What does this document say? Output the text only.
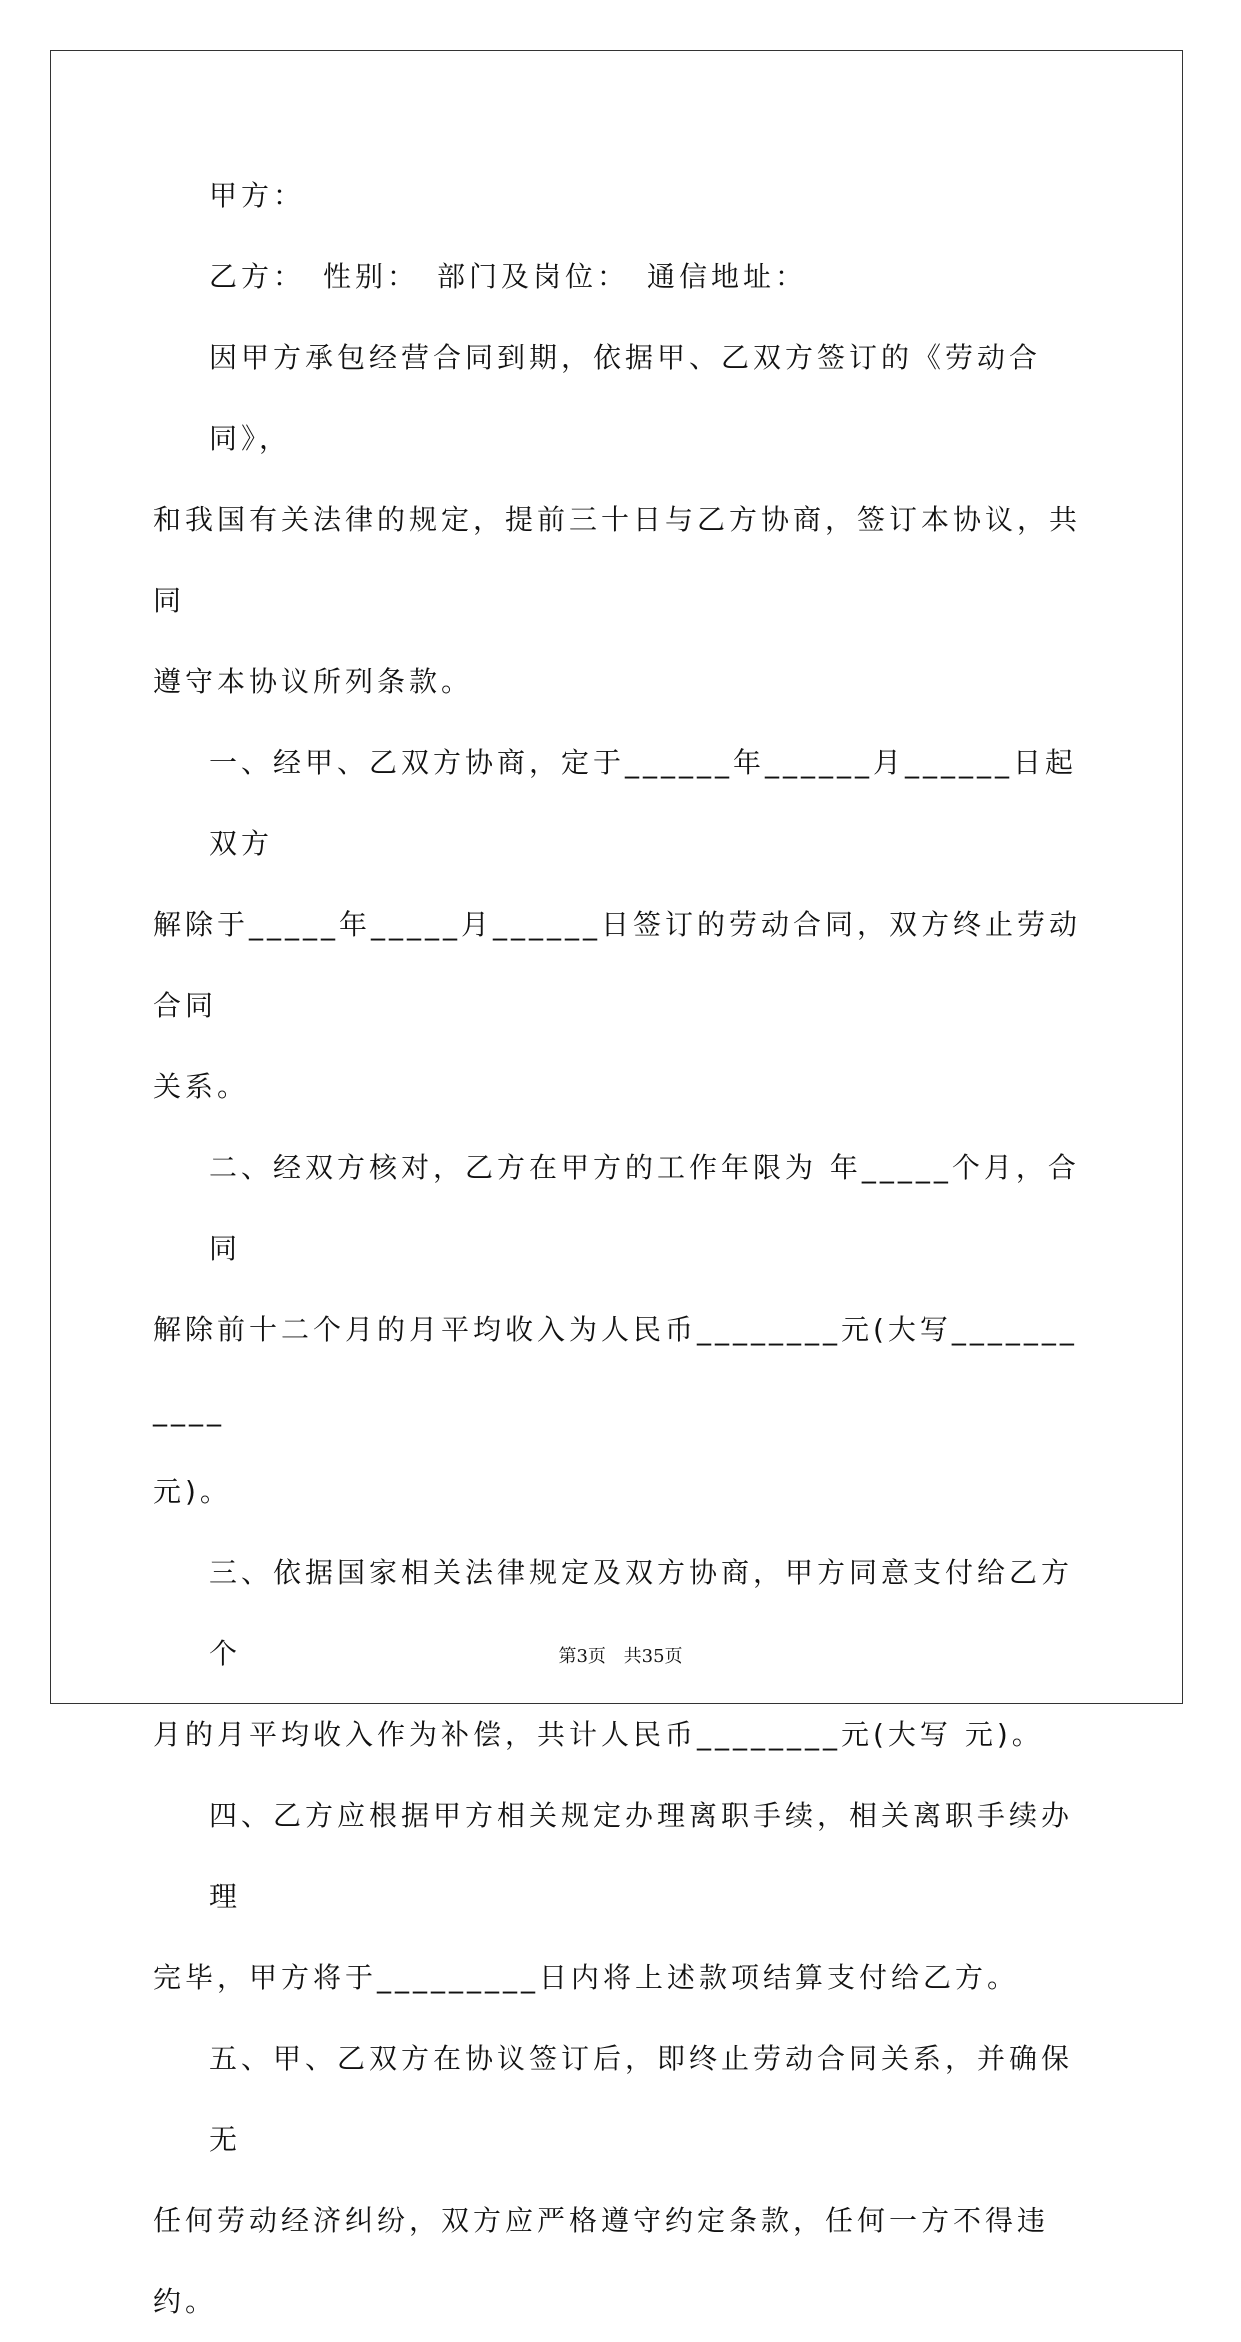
甲方：

乙方：　性别：　部门及岗位：　通信地址：

因甲方承包经营合同到期，依据甲、乙双方签订的《劳动合同》，
和我国有关法律的规定，提前三十日与乙方协商，签订本协议，共同
遵守本协议所列条款。

一、经甲、乙双方协商，定于______年______月______日起双方
解除于_____年_____月______日签订的劳动合同，双方终止劳动合同
关系。

二、经双方核对，乙方在甲方的工作年限为 年_____个月，合同
解除前十二个月的月平均收入为人民币________元(大写___________
元)。

三、依据国家相关法律规定及双方协商，甲方同意支付给乙方 个
月的月平均收入作为补偿，共计人民币________元(大写 元)。

四、乙方应根据甲方相关规定办理离职手续，相关离职手续办理
完毕，甲方将于_________日内将上述款项结算支付给乙方。

五、甲、乙双方在协议签订后，即终止劳动合同关系，并确保无
任何劳动经济纠纷，双方应严格遵守约定条款，任何一方不得违约。

第3页 共35页
